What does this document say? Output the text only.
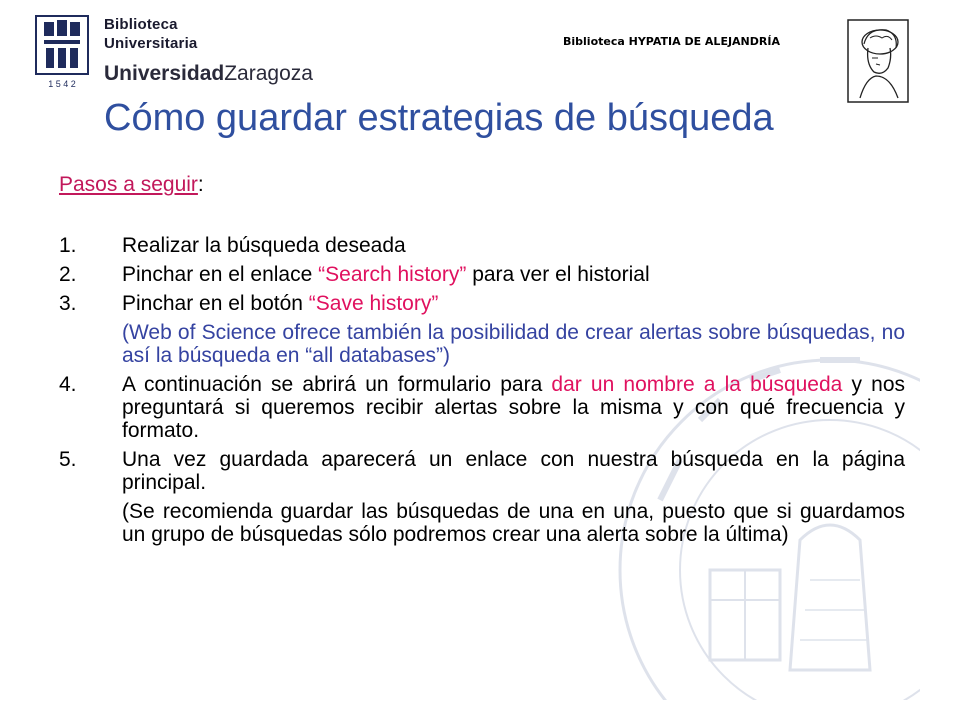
1 5 4 2
Biblioteca
Universitaria
UniversidadZaragoza
Biblioteca HYPATIA DE ALEJANDRÍA
Cómo guardar estrategias de búsqueda
Pasos a seguir:
1. Realizar la búsqueda deseada
2. Pinchar en el enlace “Search history” para ver el historial
3. Pinchar en el botón “Save history”
(Web of Science ofrece también la posibilidad de crear alertas sobre búsquedas, no así la búsqueda en “all databases”)
4. A continuación se abrirá un formulario para dar un nombre a la búsqueda y nos preguntará si queremos recibir alertas sobre la misma y con qué frecuencia y formato.
5. Una vez guardada aparecerá un enlace con nuestra búsqueda en la página principal.
(Se recomienda guardar las búsquedas de una en una, puesto que si guardamos un grupo de búsquedas sólo podremos crear una alerta sobre la última)
